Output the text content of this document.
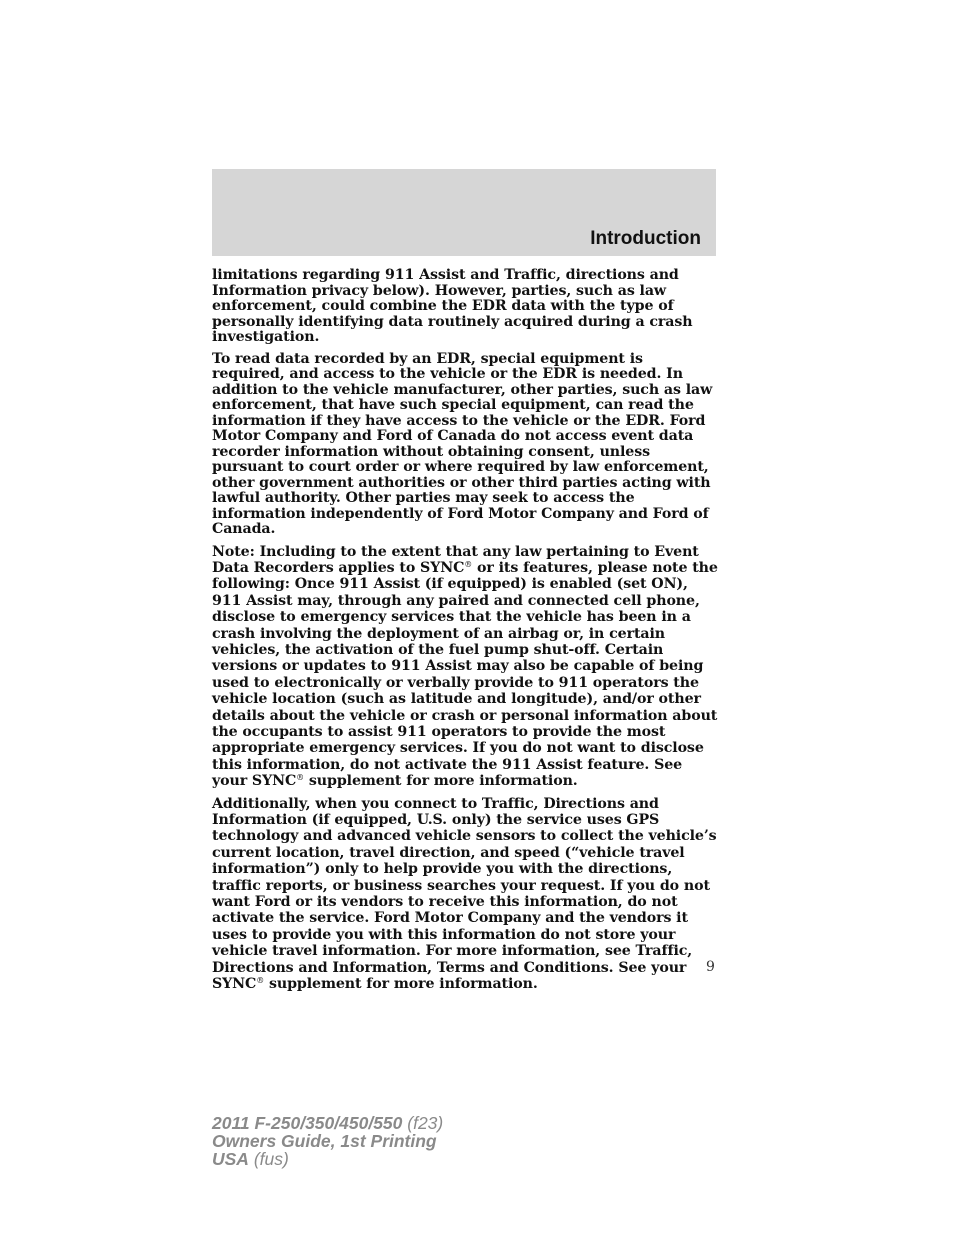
Introduction

limitations regarding 911 Assist and Traffic, directions and Information privacy below). However, parties, such as law enforcement, could combine the EDR data with the type of personally identifying data routinely acquired during a crash investigation.

To read data recorded by an EDR, special equipment is required, and access to the vehicle or the EDR is needed. In addition to the vehicle manufacturer, other parties, such as law enforcement, that have such special equipment, can read the information if they have access to the vehicle or the EDR. Ford Motor Company and Ford of Canada do not access event data recorder information without obtaining consent, unless pursuant to court order or where required by law enforcement, other government authorities or other third parties acting with lawful authority. Other parties may seek to access the information independently of Ford Motor Company and Ford of Canada.

Note: Including to the extent that any law pertaining to Event Data Recorders applies to SYNC® or its features, please note the following: Once 911 Assist (if equipped) is enabled (set ON), 911 Assist may, through any paired and connected cell phone, disclose to emergency services that the vehicle has been in a crash involving the deployment of an airbag or, in certain vehicles, the activation of the fuel pump shut-off. Certain versions or updates to 911 Assist may also be capable of being used to electronically or verbally provide to 911 operators the vehicle location (such as latitude and longitude), and/or other details about the vehicle or crash or personal information about the occupants to assist 911 operators to provide the most appropriate emergency services. If you do not want to disclose this information, do not activate the 911 Assist feature. See your SYNC® supplement for more information.

Additionally, when you connect to Traffic, Directions and Information (if equipped, U.S. only) the service uses GPS technology and advanced vehicle sensors to collect the vehicle’s current location, travel direction, and speed (“vehicle travel information”) only to help provide you with the directions, traffic reports, or business searches your request. If you do not want Ford or its vendors to receive this information, do not activate the service. Ford Motor Company and the vendors it uses to provide you with this information do not store your vehicle travel information. For more information, see Traffic, Directions and Information, Terms and Conditions. See your SYNC® supplement for more information.

9
2011 F-250/350/450/550 (f23)
Owners Guide, 1st Printing
USA (fus)
